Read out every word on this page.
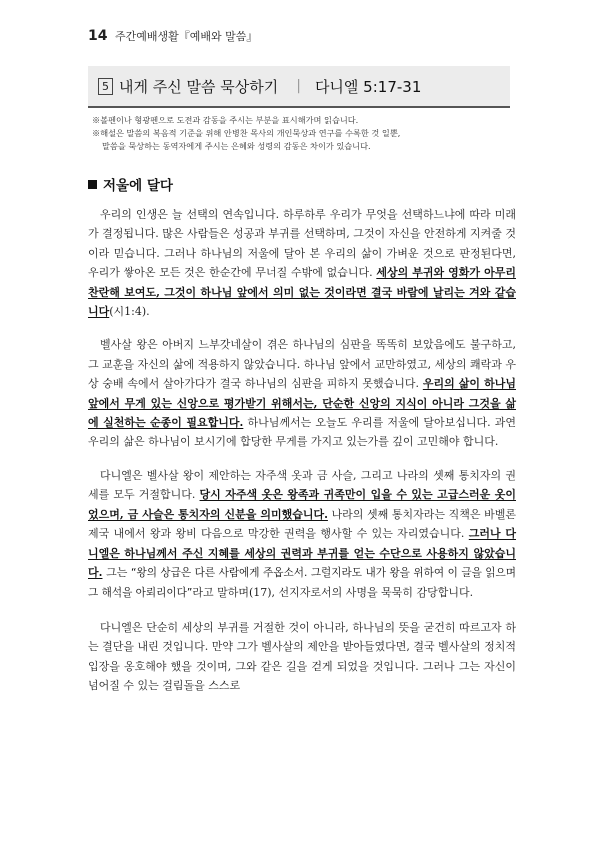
14 주간예배생활『예배와 말씀』
5 내게 주신 말씀 묵상하기 | 다니엘 5:17-31
※볼펜이나 형광펜으로 도전과 감동을 주시는 부분을 표시해가며 읽습니다.
※해설은 말씀의 복음적 기준을 위해 안병찬 목사의 개인묵상과 연구를 수록한 것 일뿐,
말씀을 묵상하는 동역자에게 주시는 은혜와 성령의 감동은 차이가 있습니다.
저울에 달다

우리의 인생은 늘 선택의 연속입니다. 하루하루 우리가 무엇을 선택하느냐에 따라 미래가 결정됩니다. 많은 사람들은 성공과 부귀를 선택하며, 그것이 자신을 안전하게 지켜줄 것이라 믿습니다. 그러나 하나님의 저울에 달아 본 우리의 삶이 가벼운 것으로 판정된다면, 우리가 쌓아온 모든 것은 한순간에 무너질 수밖에 없습니다. 세상의 부귀와 영화가 아무리 찬란해 보여도, 그것이 하나님 앞에서 의미 없는 것이라면 결국 바람에 날리는 겨와 같습니다(시1:4).

벨사살 왕은 아버지 느부갓네살이 겪은 하나님의 심판을 똑똑히 보았음에도 불구하고, 그 교훈을 자신의 삶에 적용하지 않았습니다. 하나님 앞에서 교만하였고, 세상의 쾌락과 우상 숭배 속에서 살아가다가 결국 하나님의 심판을 피하지 못했습니다. 우리의 삶이 하나님 앞에서 무게 있는 신앙으로 평가받기 위해서는, 단순한 신앙의 지식이 아니라 그것을 삶에 실천하는 순종이 필요합니다. 하나님께서는 오늘도 우리를 저울에 달아보십니다. 과연 우리의 삶은 하나님이 보시기에 합당한 무게를 가지고 있는가를 깊이 고민해야 합니다.

다니엘은 벨사살 왕이 제안하는 자주색 옷과 금 사슬, 그리고 나라의 셋째 통치자의 권세를 모두 거절합니다. 당시 자주색 옷은 왕족과 귀족만이 입을 수 있는 고급스러운 옷이었으며, 금 사슬은 통치자의 신분을 의미했습니다. 나라의 셋째 통치자라는 직책은 바벨론 제국 내에서 왕과 왕비 다음으로 막강한 권력을 행사할 수 있는 자리였습니다. 그러나 다니엘은 하나님께서 주신 지혜를 세상의 권력과 부귀를 얻는 수단으로 사용하지 않았습니다. 그는 “왕의 상급은 다른 사람에게 주옵소서. 그럴지라도 내가 왕을 위하여 이 글을 읽으며 그 해석을 아뢰리이다”라고 말하며(17), 선지자로서의 사명을 묵묵히 감당합니다.

다니엘은 단순히 세상의 부귀를 거절한 것이 아니라, 하나님의 뜻을 굳건히 따르고자 하는 결단을 내린 것입니다. 만약 그가 벨사살의 제안을 받아들였다면, 결국 벨사살의 정치적 입장을 옹호해야 했을 것이며, 그와 같은 길을 걷게 되었을 것입니다. 그러나 그는 자신이 넘어질 수 있는 걸림돌을 스스로
